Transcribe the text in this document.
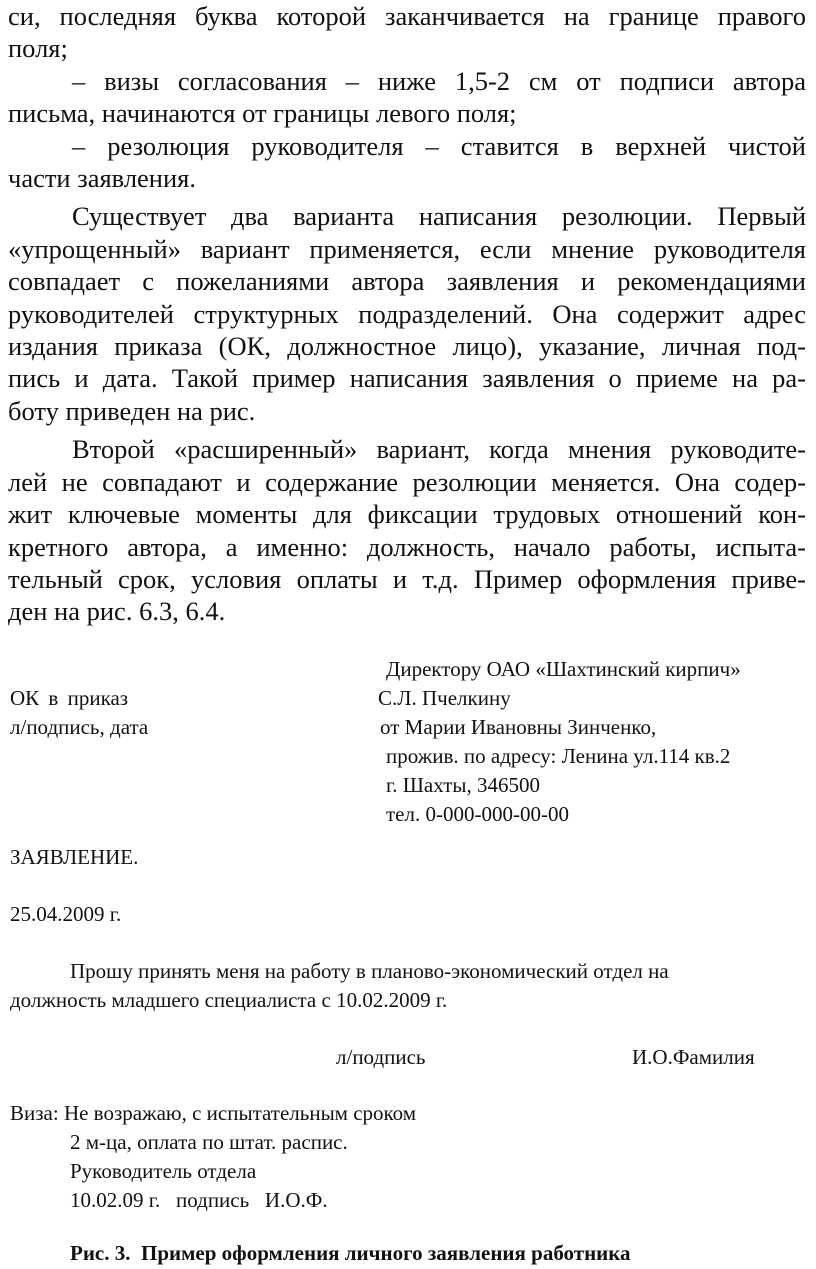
си, последняя буква которой заканчивается на границе правого

поля;

– визы согласования – ниже 1,5-2 см от подписи автора

письма, начинаются от границы левого поля;

– резолюция руководителя – ставится в верхней чистой

части заявления.

Существует два варианта написания резолюции. Первый

«упрощенный» вариант применяется, если мнение руководителя

совпадает с пожеланиями автора заявления и рекомендациями

руководителей структурных подразделений. Она содержит адрес

издания приказа (ОК, должностное лицо), указание, личная под-

пись и дата. Такой пример написания заявления о приеме на ра-

боту приведен на рис.

Второй «расширенный» вариант, когда мнения руководите-

лей не совпадают и содержание резолюции меняется. Она содер-

жит ключевые моменты для фиксации трудовых отношений кон-

кретного автора, а именно: должность, начало работы, испыта-

тельный срок, условия оплаты и т.д. Пример оформления приве-

ден на рис. 6.3, 6.4.

Директору ОАО «Шахтинский кирпич»
С.Л. Пчелкину
от Марии Ивановны Зинченко,
прожив. по адресу: Ленина ул.114 кв.2
г. Шахты, 346500
тел. 0-000-000-00-00
ОК в приказ
л/подпись, дата
ЗАЯВЛЕНИЕ.
25.04.2009 г.
Прошу принять меня на работу в планово-экономический отдел на
должность младшего специалиста с 10.02.2009 г.
л/подпись	И.О.Фамилия
Виза: Не возражаю, с испытательным сроком
2 м-ца, оплата по штат. распис.
Руководитель отдела
10.02.09 г.   подпись   И.О.Ф.
Рис. 3.  Пример оформления личного заявления работника
